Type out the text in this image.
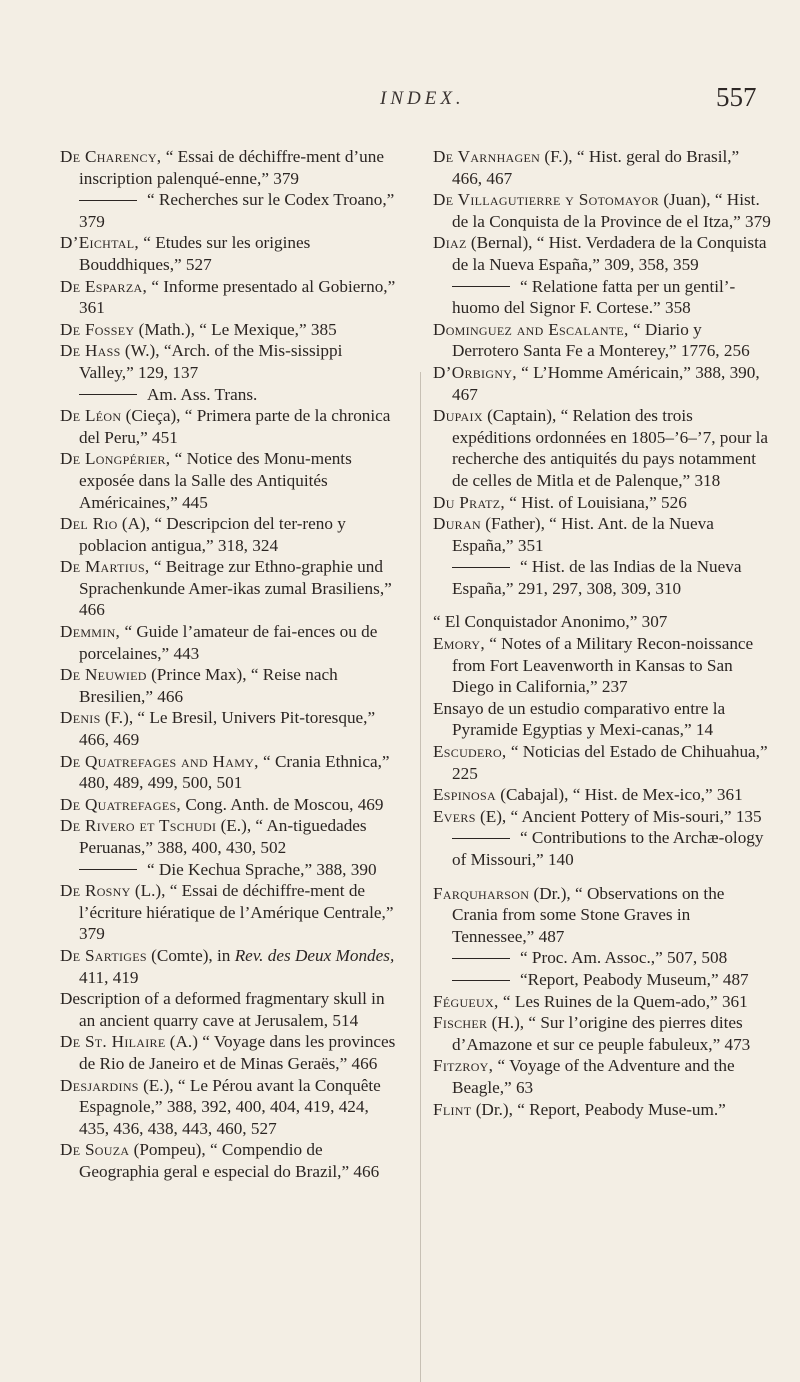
INDEX.	557

De Charency, “ Essai de déchiffre-ment d’une inscription palenqué-enne,” 379

“ Recherches sur le Codex Troano,” 379

D’Eichtal, “ Etudes sur les origines Bouddhiques,” 527

De Esparza, “ Informe presentado al Gobierno,” 361

De Fossey (Math.), “ Le Mexique,” 385

De Hass (W.), “Arch. of the Mis-sissippi Valley,” 129, 137

Am. Ass. Trans.

De Léon (Cieça), “ Primera parte de la chronica del Peru,” 451

De Longpérier, “ Notice des Monu-ments exposée dans la Salle des Antiquités Américaines,” 445

Del Rio (A), “ Descripcion del ter-reno y poblacion antigua,” 318, 324

De Martius, “ Beitrage zur Ethno-graphie und Sprachenkunde Amer-ikas zumal Brasiliens,” 466

Demmin, “ Guide l’amateur de fai-ences ou de porcelaines,” 443

De Neuwied (Prince Max), “ Reise nach Bresilien,” 466

Denis (F.), “ Le Bresil, Univers Pit-toresque,” 466, 469

De Quatrefages and Hamy, “ Crania Ethnica,” 480, 489, 499, 500, 501

De Quatrefages, Cong. Anth. de Moscou, 469

De Rivero et Tschudi (E.), “ An-tiguedades Peruanas,” 388, 400, 430, 502

“ Die Kechua Sprache,” 388, 390

De Rosny (L.), “ Essai de déchiffre-ment de l’écriture hiératique de l’Amérique Centrale,” 379

De Sartiges (Comte), in Rev. des Deux Mondes, 411, 419

Description of a deformed fragmentary skull in an ancient quarry cave at Jerusalem, 514

De St. Hilaire (A.) “ Voyage dans les provinces de Rio de Janeiro et de Minas Geraës,” 466

Desjardins (E.), “ Le Pérou avant la Conquête Espagnole,” 388, 392, 400, 404, 419, 424, 435, 436, 438, 443, 460, 527

De Souza (Pompeu), “ Compendio de Geographia geral e especial do Brazil,” 466

De Varnhagen (F.), “ Hist. geral do Brasil,” 466, 467

De Villagutierre y Sotomayor (Juan), “ Hist. de la Conquista de la Province de el Itza,” 379

Diaz (Bernal), “ Hist. Verdadera de la Conquista de la Nueva España,” 309, 358, 359

“ Relatione fatta per un gentil’-huomo del Signor F. Cortese.” 358

Dominguez and Escalante, “ Diario y Derrotero Santa Fe a Monterey,” 1776, 256

D’Orbigny, “ L’Homme Américain,” 388, 390, 467

Dupaix (Captain), “ Relation des trois expéditions ordonnées en 1805–’6–’7, pour la recherche des antiquités du pays notamment de celles de Mitla et de Palenque,” 318

Du Pratz, “ Hist. of Louisiana,” 526

Duran (Father), “ Hist. Ant. de la Nueva España,” 351

“ Hist. de las Indias de la Nueva España,” 291, 297, 308, 309, 310

“ El Conquistador Anonimo,” 307

Emory, “ Notes of a Military Recon-noissance from Fort Leavenworth in Kansas to San Diego in California,” 237

Ensayo de un estudio comparativo entre la Pyramide Egyptias y Mexi-canas,” 14

Escudero, “ Noticias del Estado de Chihuahua,” 225

Espinosa (Cabajal), “ Hist. de Mex-ico,” 361

Evers (E), “ Ancient Pottery of Mis-souri,” 135

“ Contributions to the Archæ-ology of Missouri,” 140

Farquharson (Dr.), “ Observations on the Crania from some Stone Graves in Tennessee,” 487

“ Proc. Am. Assoc.,” 507, 508

“Report, Peabody Museum,” 487

Fégueux, “ Les Ruines de la Quem-ado,” 361

Fischer (H.), “ Sur l’origine des pierres dites d’Amazone et sur ce peuple fabuleux,” 473

Fitzroy, “ Voyage of the Adventure and the Beagle,” 63

Flint (Dr.), “ Report, Peabody Muse-um.”
